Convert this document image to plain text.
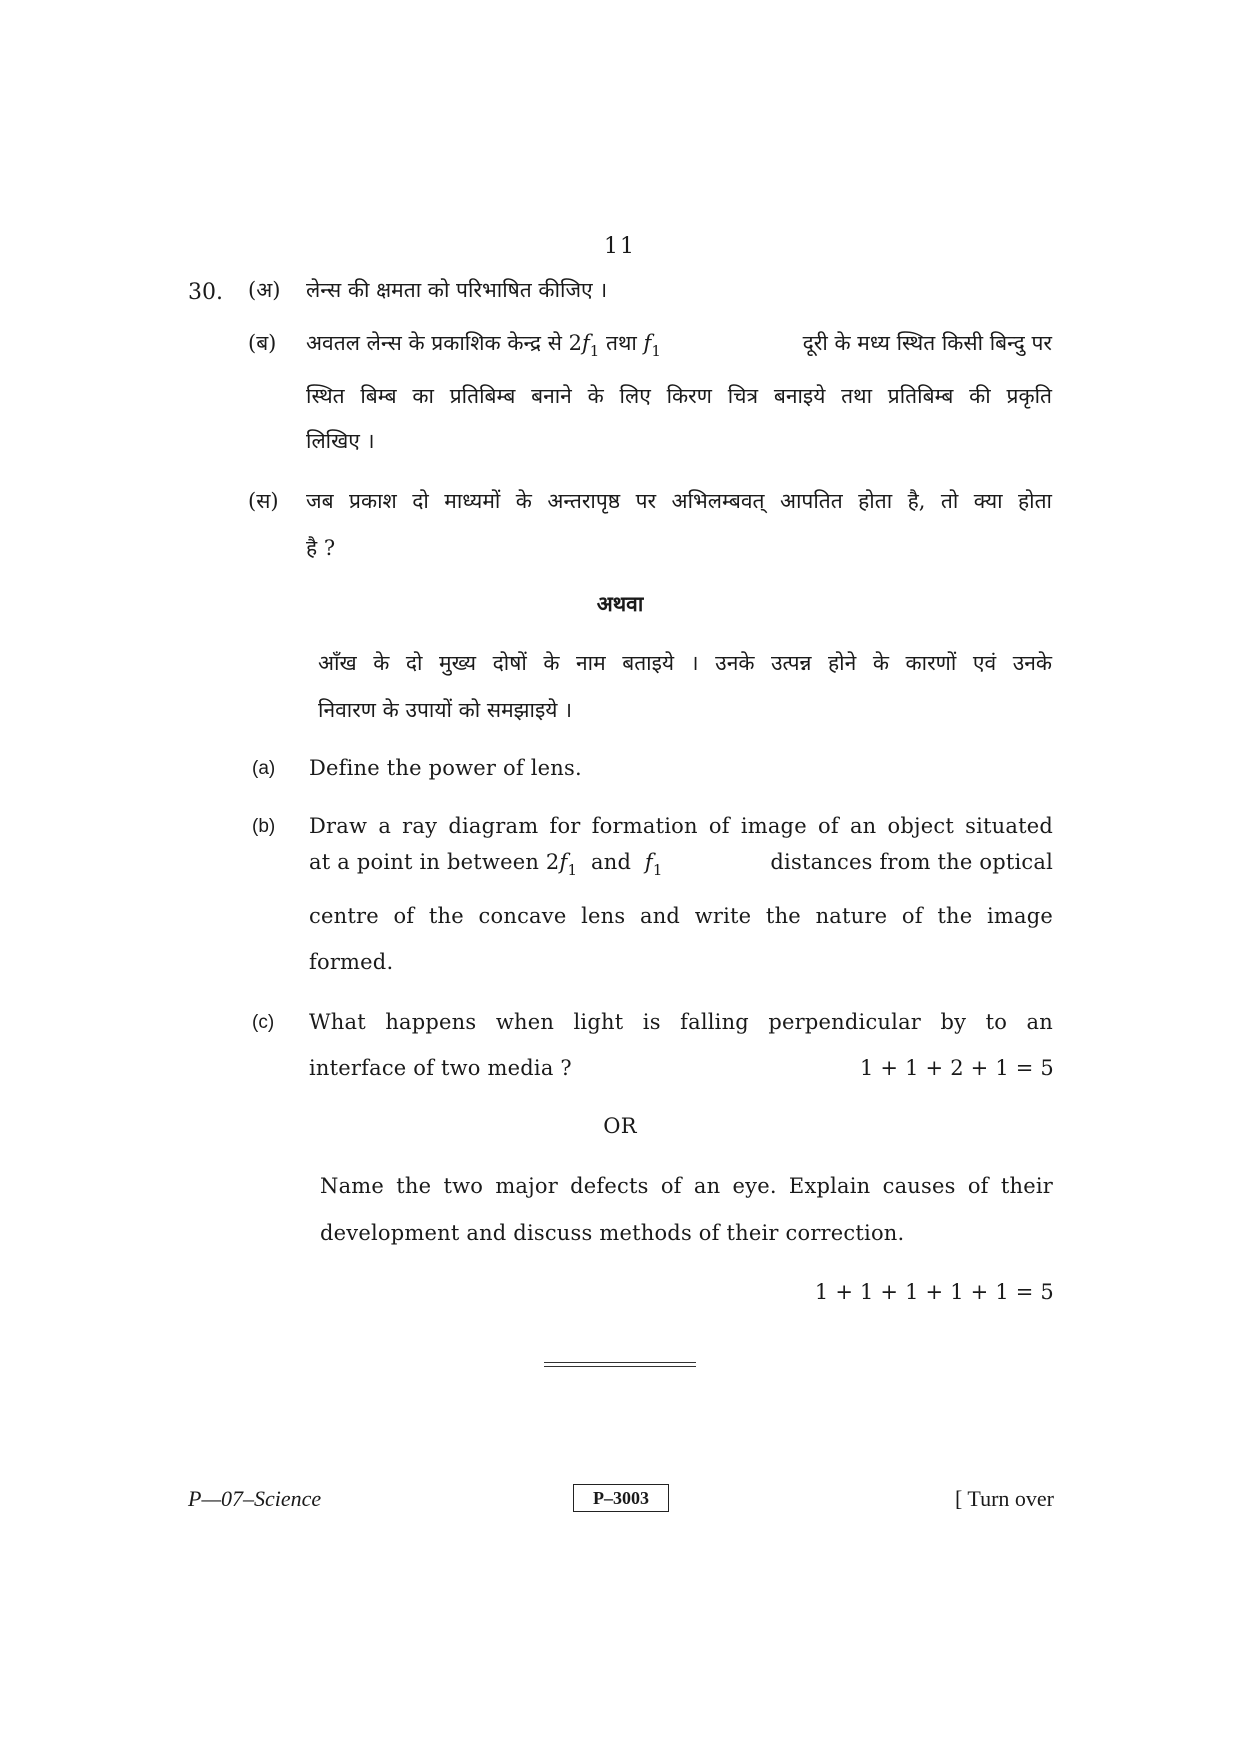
11
30. (अ) लेन्स की क्षमता को परिभाषित कीजिए ।
(ब) अवतल लेन्स के प्रकाशिक केन्द्र से $2f_1$ तथा $f_1$	दूरी के मध्य स्थित किसी बिन्दु पर
स्थित बिम्ब का प्रतिबिम्ब बनाने के लिए किरण चित्र बनाइये तथा प्रतिबिम्ब की प्रकृति
लिखिए ।
(स) जब प्रकाश दो माध्यमों के अन्तरापृष्ठ पर अभिलम्बवत् आपतित होता है, तो क्या होता
है ?
अथवा
आँख के दो मुख्य दोषों के नाम बताइये । उनके उत्पन्न होने के कारणों एवं उनके
निवारण के उपायों को समझाइये ।
(a) Define the power of lens.
(b) Draw a ray diagram for formation of image of an object situated
at a point in between $2f_1$ and $f_1$	distances from the optical
centre of the concave lens and write the nature of the image
formed.
(c) What happens when light is falling perpendicular by to an
interface of two media ?	1 + 1 + 2 + 1 = 5
OR
Name the two major defects of an eye. Explain causes of their
development and discuss methods of their correction.
1 + 1 + 1 + 1 + 1 = 5
P—07–Science	P–3003	[ Turn over
